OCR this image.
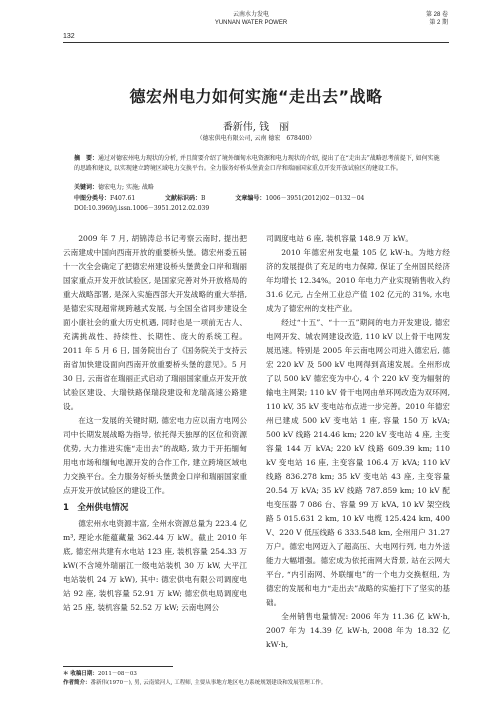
132
云南水力发电
YUNNAN WATER POWER
第 28 卷
第 2 期
德宏州电力如何实施“走出去”战略
番新伟, 钱　丽
（德宏供电有限公司, 云南 德宏　678400）
摘　要：通过对德宏州电力现状的分析, 并且简要介绍了境外缅甸水电资源和电力现状的介绍, 提出了在“走出去”战略思考前提下, 如何实施的思路和建议, 以实现建立跨境区域电力交换平台。全力服务好桥头堡黄金口岸和瑞丽国家重点开发开放试验区的建设工作。
关键词：德宏电力; 实施; 战略
中图分类号：F407.61	文献标识码：B	文章编号：1006－3951(2012)02－0132－04
DOI:10.3969/j.issn.1006－3951.2012.02.039

2009 年 7 月, 胡锦涛总书记考察云南时, 提出把云南建成中国向西南开放的重要桥头堡。德宏州委五届十一次全会确定了把德宏州建设桥头堡黄金口岸和瑞丽国家重点开发开放试验区, 是国家完善对外开放格局的重大战略部署, 是深入实施西部大开发战略的重大举措, 是德宏实现超常规跨越式发展, 与全国全省同步建设全面小康社会的重大历史机遇, 同时也是一项前无古人、充满挑战性、持续性、长期性、庞大的系统工程。2011 年 5 月 6 日, 国务院出台了《国务院关于支持云南省加快建设面向西南开放重要桥头堡的意见》。5 月 30 日, 云南省在瑞丽正式启动了瑞丽国家重点开发开放试验区建设、大瑞铁路保瑞段建设和龙瑞高速公路建设。

在这一发展的关键时期, 德宏电力应以南方电网公司中长期发展战略为指导, 依托得天独厚的区位和资源优势, 大力推进实施“走出去”的战略, 致力于开拓缅甸用电市场和缅甸电源开发的合作工作, 建立跨境区域电力交换平台。全力服务好桥头堡黄金口岸和瑞丽国家重点开发开放试验区的建设工作。

1　全州供电情况

德宏州水电资源丰富, 全州水资源总量为 223.4 亿 m³, 理论水能蕴藏量 362.44 万 kW。截止 2010 年底, 德宏州共建有水电站 123 座, 装机容量 254.33 万 kW(不含境外瑞丽江一级电站装机 30 万 kW, 大平江电站装机 24 万 kW), 其中: 德宏供电有限公司调度电站 92 座, 装机容量 52.91 万 kW; 德宏供电局调度电站 25 座, 装机容量 52.52 万 kW; 云南电网公

司调度电站 6 座, 装机容量 148.9 万 kW。

2010 年德宏州发电量 105 亿 kW·h。为地方经济的发展提供了充足的电力保障, 保证了全州国民经济年均增长 12.34%。2010 年电力产业实现销售收入约 31.6 亿元, 占全州工业总产值 102 亿元的 31%, 水电成为了德宏州的支柱产业。

经过“十五”、“十一五”期间的电力开发建设, 德宏电网开发、城农网建设改造, 110 kV 以上骨干电网发展迅速。特别是 2005 年云南电网公司进入德宏后, 德宏 220 kV 及 500 kV 电网得到高速发展。全州形成了以 500 kV 德宏变为中心, 4 个 220 kV 变为辐射的输电主网架; 110 kV 骨干电网由单环网改造为双环网, 110 kV, 35 kV 变电站布点进一步完善。2010 年德宏州已建成 500 kV 变电站 1 座, 容量 150 万 kVA; 500 kV 线路 214.46 km; 220 kV 变电站 4 座, 主变容量 144 万 kVA; 220 kV 线路 609.39 km; 110 kV 变电站 16 座, 主变容量 106.4 万 kVA; 110 kV 线路 836.278 km; 35 kV 变电站 43 座, 主变容量 20.54 万 kVA; 35 kV 线路 787.859 km; 10 kV 配电变压器 7 086 台、容量 99 万 kVA, 10 kV 架空线路 5 015.631 2 km, 10 kV 电缆 125.424 km, 400 V、220 V 低压线路 6 333.548 km, 全州用户 31.27 万户。德宏电网迈入了超高压、大电网行列, 电力外送能力大幅增强。德宏成为依托南网大背景, 站在云网大平台, “内引南网、外联缅电”的一个电力交换枢纽, 为德宏的发展和电力“走出去”战略的实施打下了坚实的基础。

全州销售电量情况: 2006 年为 11.36 亿 kW·h, 2007 年为 14.39 亿 kW·h, 2008 年为 18.32 亿 kW·h,

＊ 收稿日期：2011－08－03
作者简介：番新伟(1970－), 男, 云南梁河人, 工程师, 主要从事地方地区电力系统规划建设和发展管理工作。
